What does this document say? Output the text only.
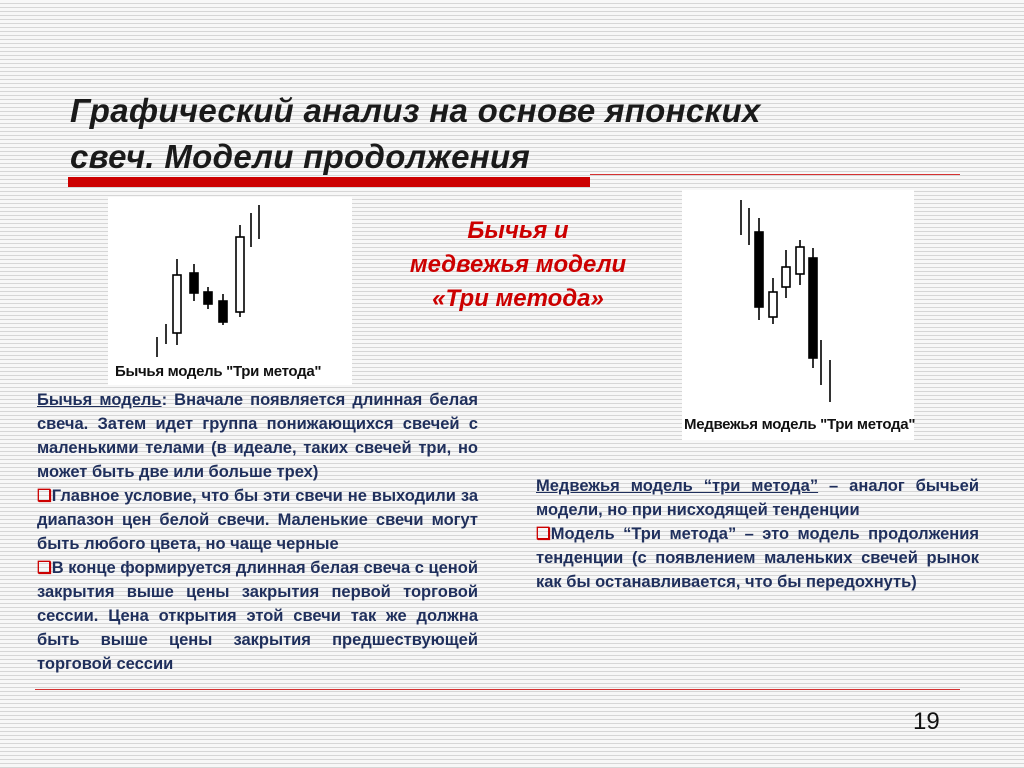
Графический анализ на основе японских
свеч. Модели продолжения
Бычья модель "Три метода"
Бычья и
медвежья модели
«Три метода»
Медвежья модель "Три метода"

Бычья модель: Вначале появляется длинная белая свеча. Затем идет группа понижающихся свечей с маленькими телами (в идеале, таких свечей три, но может быть две или больше трех)

❑Главное условие, что бы эти свечи не выходили за диапазон цен белой свечи. Маленькие свечи могут быть любого цвета, но чаще черные

❑В конце формируется длинная белая свеча с ценой закрытия выше цены закрытия первой торговой сессии. Цена открытия этой свечи так же должна быть выше цены закрытия предшествующей торговой сессии

Медвежья модель “три метода” – аналог бычьей модели, но при нисходящей тенденции

❑Модель “Три метода” – это модель продолжения тенденции (с появлением маленьких свечей рынок как бы останавливается, что бы передохнуть)

19
